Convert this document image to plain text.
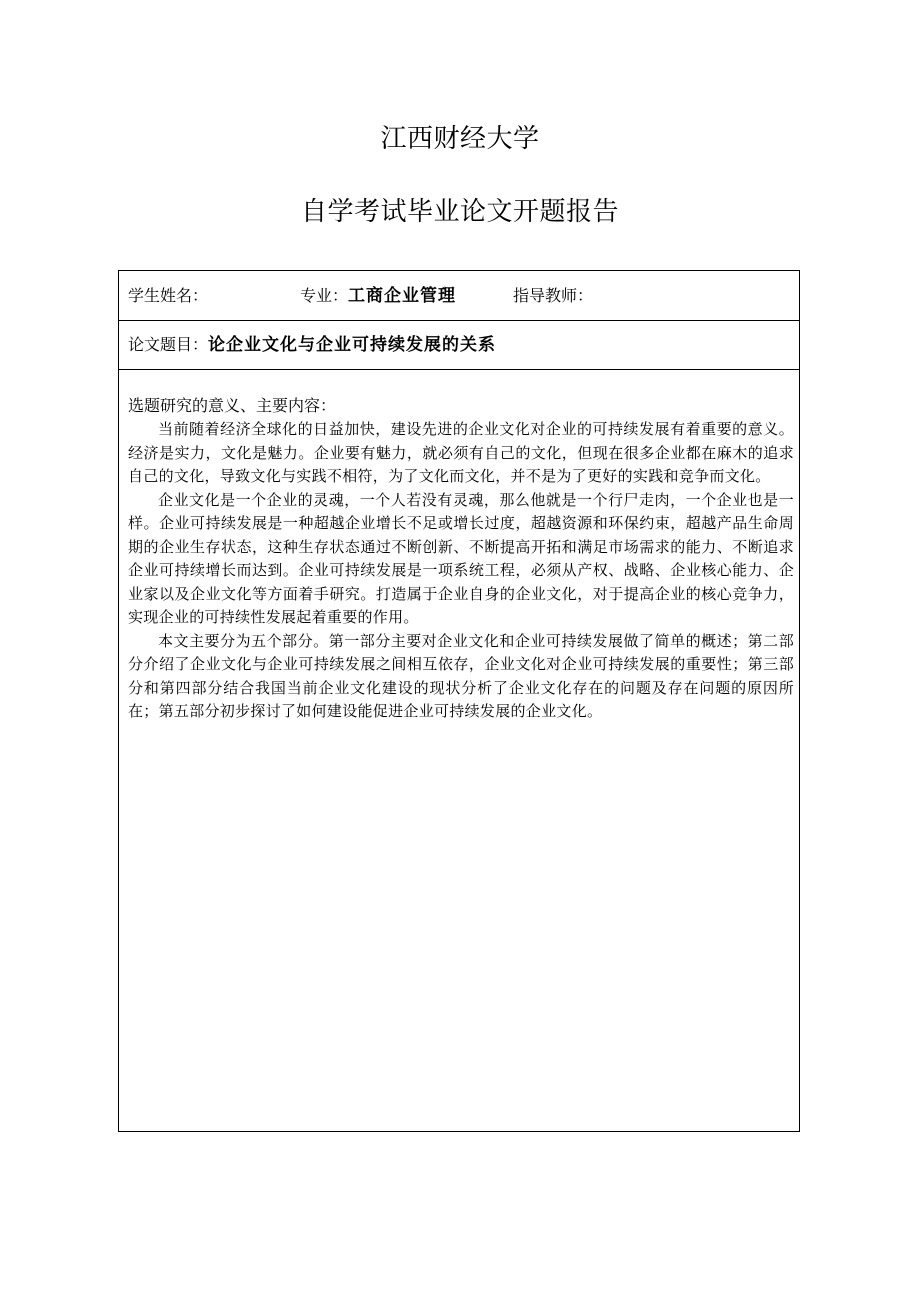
江西财经大学
自学考试毕业论文开题报告
学生姓名：	专业：工商企业管理	指导教师：
论文题目：论企业文化与企业可持续发展的关系

选题研究的意义、主要内容：

当前随着经济全球化的日益加快，建设先进的企业文化对企业的可持续发展有着重要的意义。经济是实力，文化是魅力。企业要有魅力，就必须有自己的文化，但现在很多企业都在麻木的追求自己的文化，导致文化与实践不相符，为了文化而文化，并不是为了更好的实践和竞争而文化。

企业文化是一个企业的灵魂，一个人若没有灵魂，那么他就是一个行尸走肉，一个企业也是一样。企业可持续发展是一种超越企业增长不足或增长过度，超越资源和环保约束，超越产品生命周期的企业生存状态，这种生存状态通过不断创新、不断提高开拓和满足市场需求的能力、不断追求企业可持续增长而达到。企业可持续发展是一项系统工程，必须从产权、战略、企业核心能力、企业家以及企业文化等方面着手研究。打造属于企业自身的企业文化，对于提高企业的核心竞争力，实现企业的可持续性发展起着重要的作用。

本文主要分为五个部分。第一部分主要对企业文化和企业可持续发展做了简单的概述；第二部分介绍了企业文化与企业可持续发展之间相互依存，企业文化对企业可持续发展的重要性；第三部分和第四部分结合我国当前企业文化建设的现状分析了企业文化存在的问题及存在问题的原因所在；第五部分初步探讨了如何建设能促进企业可持续发展的企业文化。
